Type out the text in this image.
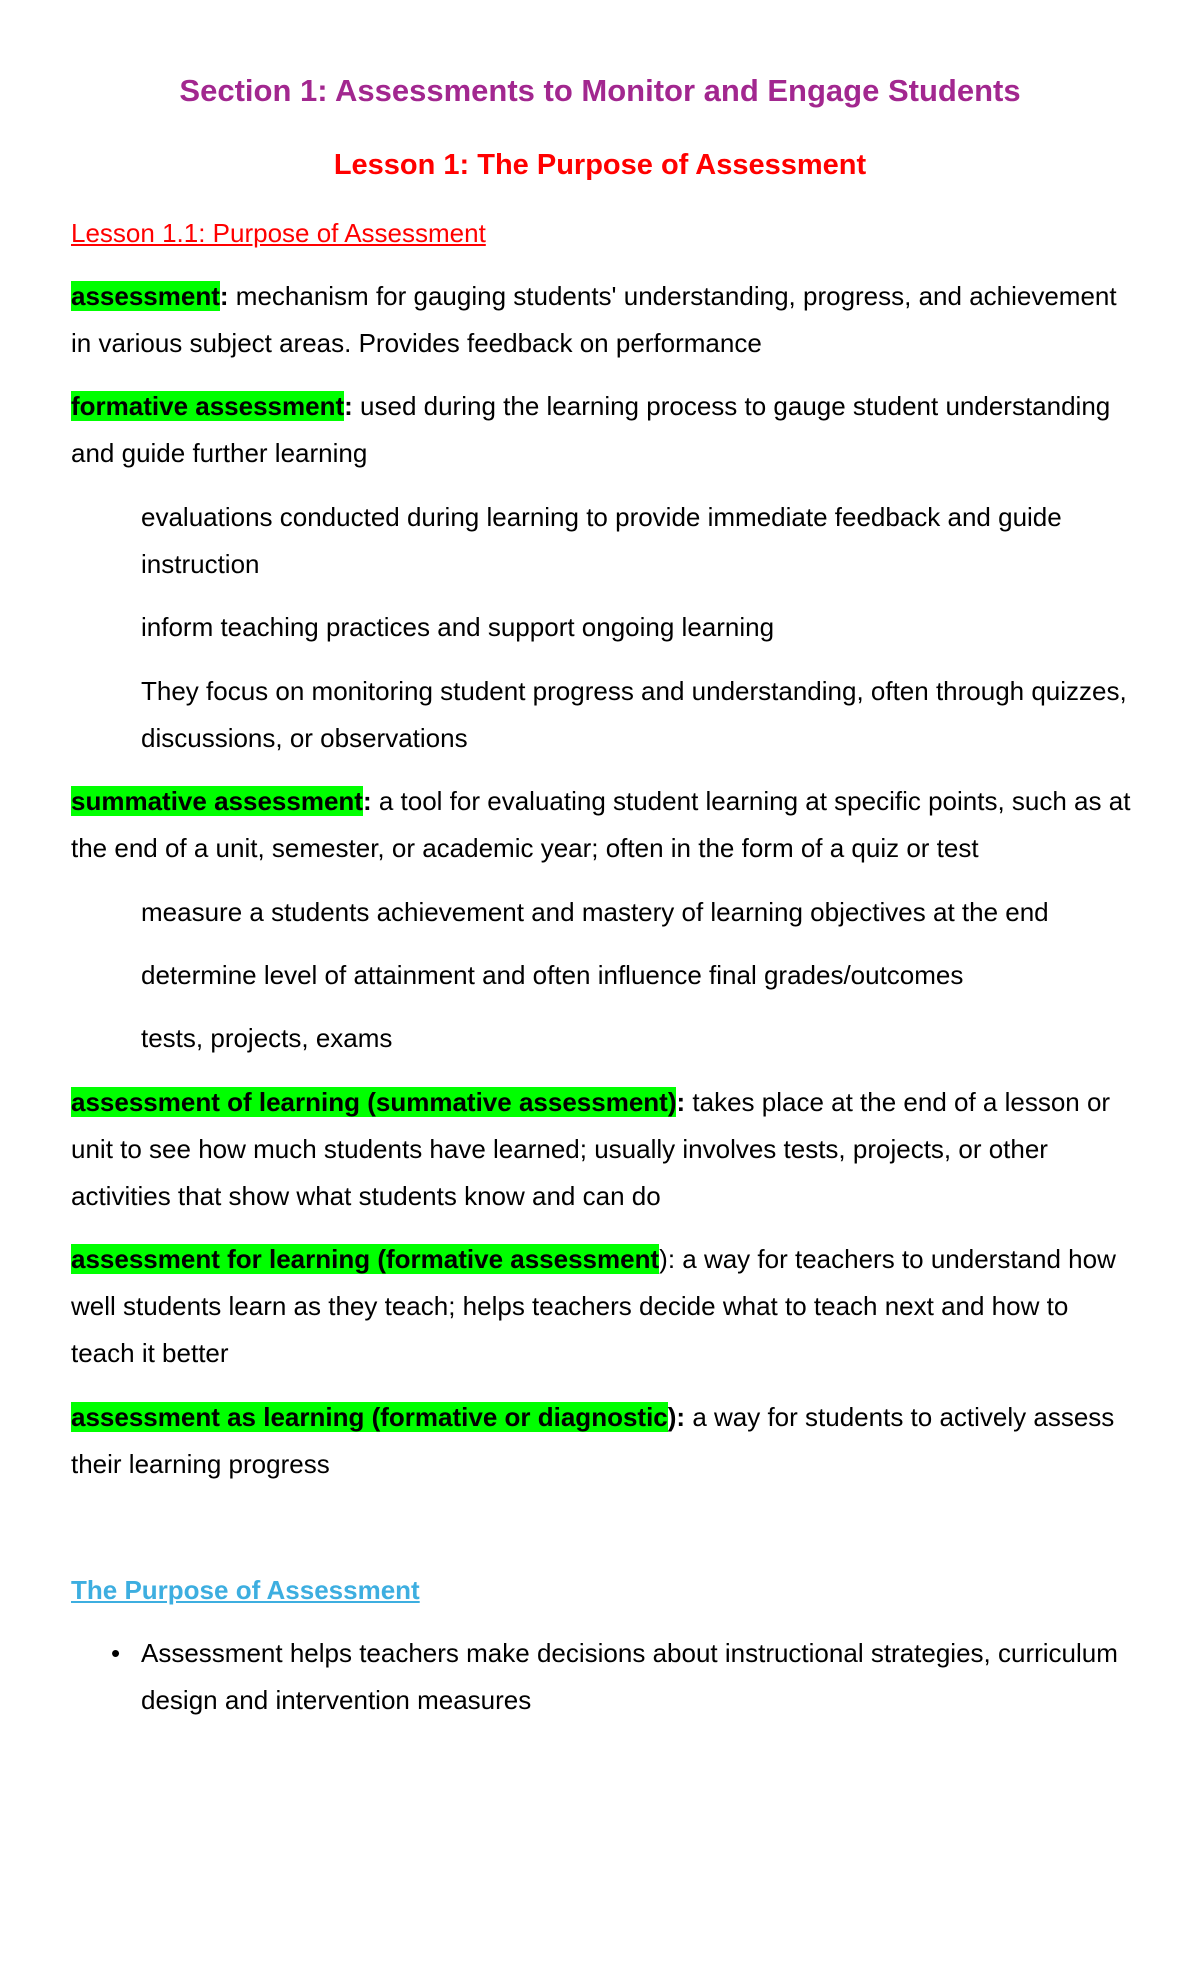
Section 1: Assessments to Monitor and Engage Students
Lesson 1: The Purpose of Assessment
Lesson 1.1: Purpose of Assessment
assessment: mechanism for gauging students' understanding, progress, and achievement in various subject areas. Provides feedback on performance
formative assessment: used during the learning process to gauge student understanding and guide further learning
evaluations conducted during learning to provide immediate feedback and guide instruction
inform teaching practices and support ongoing learning
They focus on monitoring student progress and understanding, often through quizzes, discussions, or observations
summative assessment: a tool for evaluating student learning at specific points, such as at the end of a unit, semester, or academic year; often in the form of a quiz or test
measure a students achievement and mastery of learning objectives at the end
determine level of attainment and often influence final grades/outcomes
tests, projects, exams
assessment of learning (summative assessment): takes place at the end of a lesson or unit to see how much students have learned; usually involves tests, projects, or other activities that show what students know and can do
assessment for learning (formative assessment): a way for teachers to understand how well students learn as they teach; helps teachers decide what to teach next and how to teach it better
assessment as learning (formative or diagnostic): a way for students to actively assess their learning progress
The Purpose of Assessment
• Assessment helps teachers make decisions about instructional strategies, curriculum design and intervention measures
